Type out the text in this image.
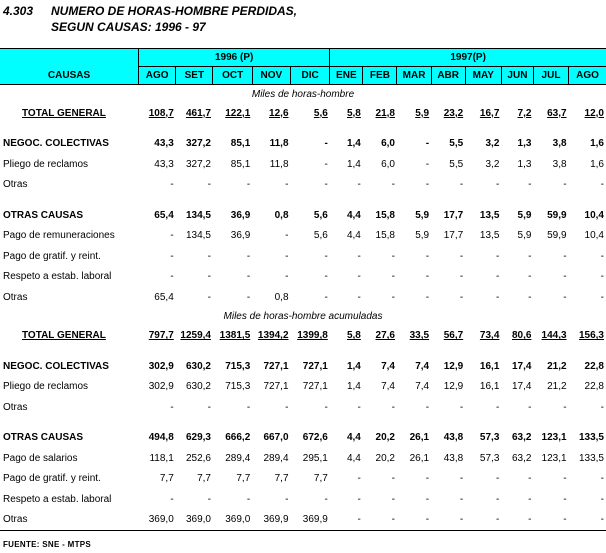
4.303 NUMERO DE HORAS-HOMBRE PERDIDAS,
SEGUN CAUSAS: 1996 - 97
	1996 (P)					1997(P)							
CAUSAS	AGO	SET	OCT	NOV	DIC	ENE	FEB	MAR	ABR	MAY	JUN	JUL	AGO
Miles de horas-hombre													
TOTAL GENERAL	108,7	461,7	122,1	12,6	5,6	5,8	21,8	5,9	23,2	16,7	7,2	63,7	12,0

NEGOC. COLECTIVAS	43,3	327,2	85,1	11,8	-	1,4	6,0	-	5,5	3,2	1,3	3,8	1,6
Pliego de reclamos	43,3	327,2	85,1	11,8	-	1,4	6,0	-	5,5	3,2	1,3	3,8	1,6
Otras	-	-	-	-	-	-	-	-	-	-	-	-	-

OTRAS CAUSAS	65,4	134,5	36,9	0,8	5,6	4,4	15,8	5,9	17,7	13,5	5,9	59,9	10,4
Pago de remuneraciones	-	134,5	36,9	-	5,6	4,4	15,8	5,9	17,7	13,5	5,9	59,9	10,4
Pago de gratif. y reint.	-	-	-	-	-	-	-	-	-	-	-	-	-
Respeto a estab. laboral	-	-	-	-	-	-	-	-	-	-	-	-	-
Otras	65,4	-	-	0,8	-	-	-	-	-	-	-	-	-
Miles de horas-hombre acumuladas													
TOTAL GENERAL	797,7	1259,4	1381,5	1394,2	1399,8	5,8	27,6	33,5	56,7	73,4	80,6	144,3	156,3

NEGOC. COLECTIVAS	302,9	630,2	715,3	727,1	727,1	1,4	7,4	7,4	12,9	16,1	17,4	21,2	22,8
Pliego de reclamos	302,9	630,2	715,3	727,1	727,1	1,4	7,4	7,4	12,9	16,1	17,4	21,2	22,8
Otras	-	-	-	-	-	-	-	-	-	-	-	-	-

OTRAS CAUSAS	494,8	629,3	666,2	667,0	672,6	4,4	20,2	26,1	43,8	57,3	63,2	123,1	133,5
Pago de salarios	118,1	252,6	289,4	289,4	295,1	4,4	20,2	26,1	43,8	57,3	63,2	123,1	133,5
Pago de gratif. y reint.	7,7	7,7	7,7	7,7	7,7	-	-	-	-	-	-	-	-
Respeto a estab. laboral	-	-	-	-	-	-	-	-	-	-	-	-	-
Otras	369,0	369,0	369,0	369,9	369,9	-	-	-	-	-	-	-	-
FUENTE: SNE - MTPS
